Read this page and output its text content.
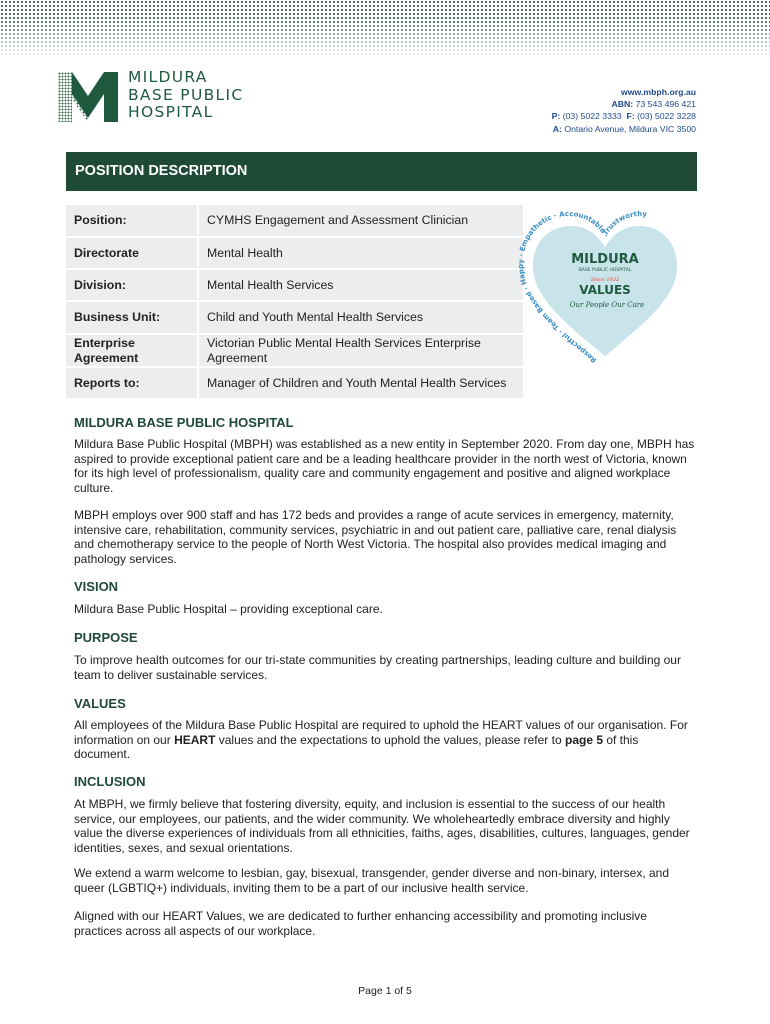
MILDURA
BASE PUBLIC
HOSPITAL
www.mbph.org.au
ABN: 73 543 496 421
P: (03) 5022 3333 F: (03) 5022 3228
A: Ontario Avenue, Mildura VIC 3500
POSITION DESCRIPTION
Position:	CYMHS Engagement and Assessment Clinician
Directorate	Mental Health
Division:	Mental Health Services
Business Unit:	Child and Youth Mental Health Services
Enterprise Agreement	Victorian Public Mental Health Services Enterprise Agreement
Reports to:	Manager of Children and Youth Mental Health Services
Respectful · Team Based · Happy · Empathetic · Accountable · Trustworthy
MILDURA
BASE PUBLIC HOSPITAL
Since 1932
VALUES
Our People Our Care
MILDURA BASE PUBLIC HOSPITAL

Mildura Base Public Hospital (MBPH) was established as a new entity in September 2020. From day one, MBPH has aspired to provide exceptional patient care and be a leading healthcare provider in the north west of Victoria, known for its high level of professionalism, quality care and community engagement and positive and aligned workplace culture.

MBPH employs over 900 staff and has 172 beds and provides a range of acute services in emergency, maternity, intensive care, rehabilitation, community services, psychiatric in and out patient care, palliative care, renal dialysis and chemotherapy service to the people of North West Victoria. The hospital also provides medical imaging and pathology services.

VISION

Mildura Base Public Hospital – providing exceptional care.

PURPOSE

To improve health outcomes for our tri-state communities by creating partnerships, leading culture and building our team to deliver sustainable services.

VALUES

All employees of the Mildura Base Public Hospital are required to uphold the HEART values of our organisation. For information on our HEART values and the expectations to uphold the values, please refer to page 5 of this document.

INCLUSION

At MBPH, we firmly believe that fostering diversity, equity, and inclusion is essential to the success of our health service, our employees, our patients, and the wider community. We wholeheartedly embrace diversity and highly value the diverse experiences of individuals from all ethnicities, faiths, ages, disabilities, cultures, languages, gender identities, sexes, and sexual orientations.

We extend a warm welcome to lesbian, gay, bisexual, transgender, gender diverse and non-binary, intersex, and queer (LGBTIQ+) individuals, inviting them to be a part of our inclusive health service.

Aligned with our HEART Values, we are dedicated to further enhancing accessibility and promoting inclusive practices across all aspects of our workplace.

Page 1 of 5
